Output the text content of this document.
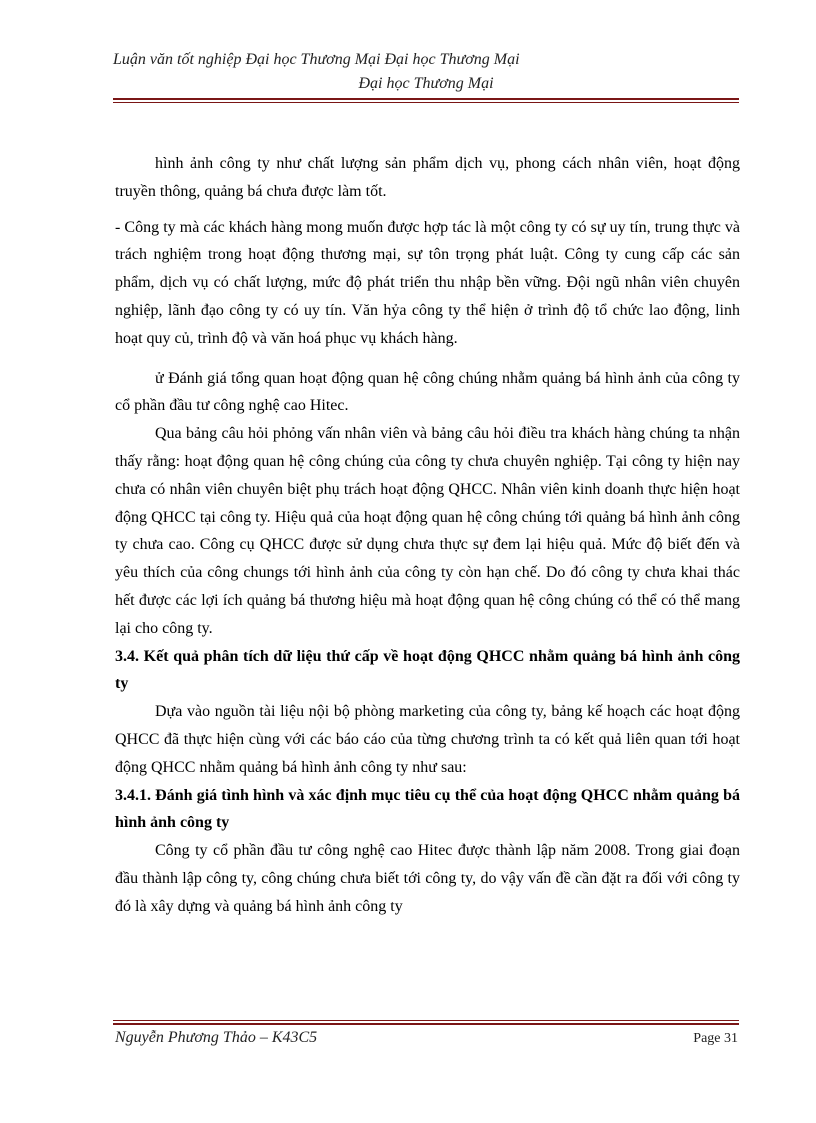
Luận văn tốt nghiệp Đại học Thương Mại Đại học Thương Mại
Đại học Thương Mại

hình ảnh công ty như chất lượng sản phẩm dịch vụ, phong cách nhân viên, hoạt động truyền thông, quảng bá chưa được làm tốt.

- Công ty mà các khách hàng mong muốn được hợp tác là một công ty có sự uy tín, trung thực và trách nghiệm trong hoạt động thương mại, sự tôn trọng phát luật. Công ty cung cấp các sản phẩm, dịch vụ có chất lượng, mức độ phát triển thu nhập bền vững. Đội ngũ nhân viên chuyên nghiệp, lãnh đạo công ty có uy tín. Văn hỷa công ty thể hiện ở trình độ tổ chức lao động, linh hoạt quy củ, trình độ và văn hoá phục vụ khách hàng.

ử Đánh giá tổng quan hoạt động quan hệ công chúng nhằm quảng bá hình ảnh của công ty cổ phần đầu tư công nghệ cao Hitec.

Qua bảng câu hỏi phỏng vấn nhân viên và bảng câu hỏi điều tra khách hàng chúng ta nhận thấy rằng: hoạt động quan hệ công chúng của công ty chưa chuyên nghiệp. Tại công ty hiện nay chưa có nhân viên chuyên biệt phụ trách hoạt động QHCC. Nhân viên kinh doanh thực hiện hoạt động QHCC tại công ty. Hiệu quả của hoạt động quan hệ công chúng tới quảng bá hình ảnh công ty chưa cao. Công cụ QHCC được sử dụng chưa thực sự đem lại hiệu quả. Mức độ biết đến và yêu thích của công chungs tới hình ảnh của công ty còn hạn chế. Do đó công ty chưa khai thác hết được các lợi ích quảng bá thương hiệu mà hoạt động quan hệ công chúng có thể có thể mang lại cho công ty.

3.4. Kết quả phân tích dữ liệu thứ cấp về hoạt động QHCC nhằm quảng bá hình ảnh công ty

Dựa vào nguồn tài liệu nội bộ phòng marketing của công ty, bảng kế hoạch các hoạt động QHCC đã thực hiện cùng với các báo cáo của từng chương trình ta có kết quả liên quan tới hoạt động QHCC nhằm quảng bá hình ảnh công ty như sau:

3.4.1. Đánh giá tình hình và xác định mục tiêu cụ thể của hoạt động QHCC nhằm quảng bá hình ảnh công ty

Công ty cổ phần đầu tư công nghệ cao Hitec được thành lập năm 2008. Trong giai đoạn đầu thành lập công ty, công chúng chưa biết tới công ty, do vậy vấn đề cần đặt ra đối với công ty đó là xây dựng và quảng bá hình ảnh công ty

Nguyễn Phương Thảo – K43C5	Page 31
